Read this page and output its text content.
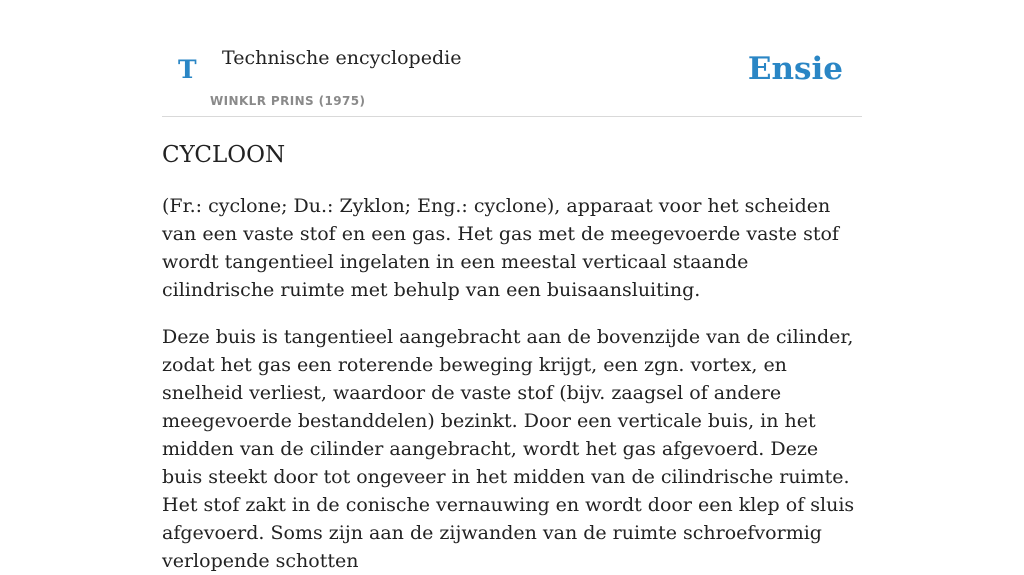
T Technische encyclopedie
WINKLR PRINS (1975)
Ensie
CYCLOON

(Fr.: cyclone; Du.: Zyklon; Eng.: cyclone), apparaat voor het scheiden van een vaste stof en een gas. Het gas met de meegevoerde vaste stof wordt tangentieel ingelaten in een meestal verticaal staande cilindrische ruimte met behulp van een buisaansluiting.

Deze buis is tangentieel aangebracht aan de bovenzijde van de cilinder, zodat het gas een roterende beweging krijgt, een zgn. vortex, en snelheid verliest, waardoor de vaste stof (bijv. zaagsel of andere meegevoerde bestanddelen) bezinkt. Door een verticale buis, in het midden van de cilinder aangebracht, wordt het gas afgevoerd. Deze buis steekt door tot ongeveer in het midden van de cilindrische ruimte. Het stof zakt in de conische vernauwing en wordt door een klep of sluis afgevoerd. Soms zijn aan de zijwanden van de ruimte schroefvormig verlopende schotten
